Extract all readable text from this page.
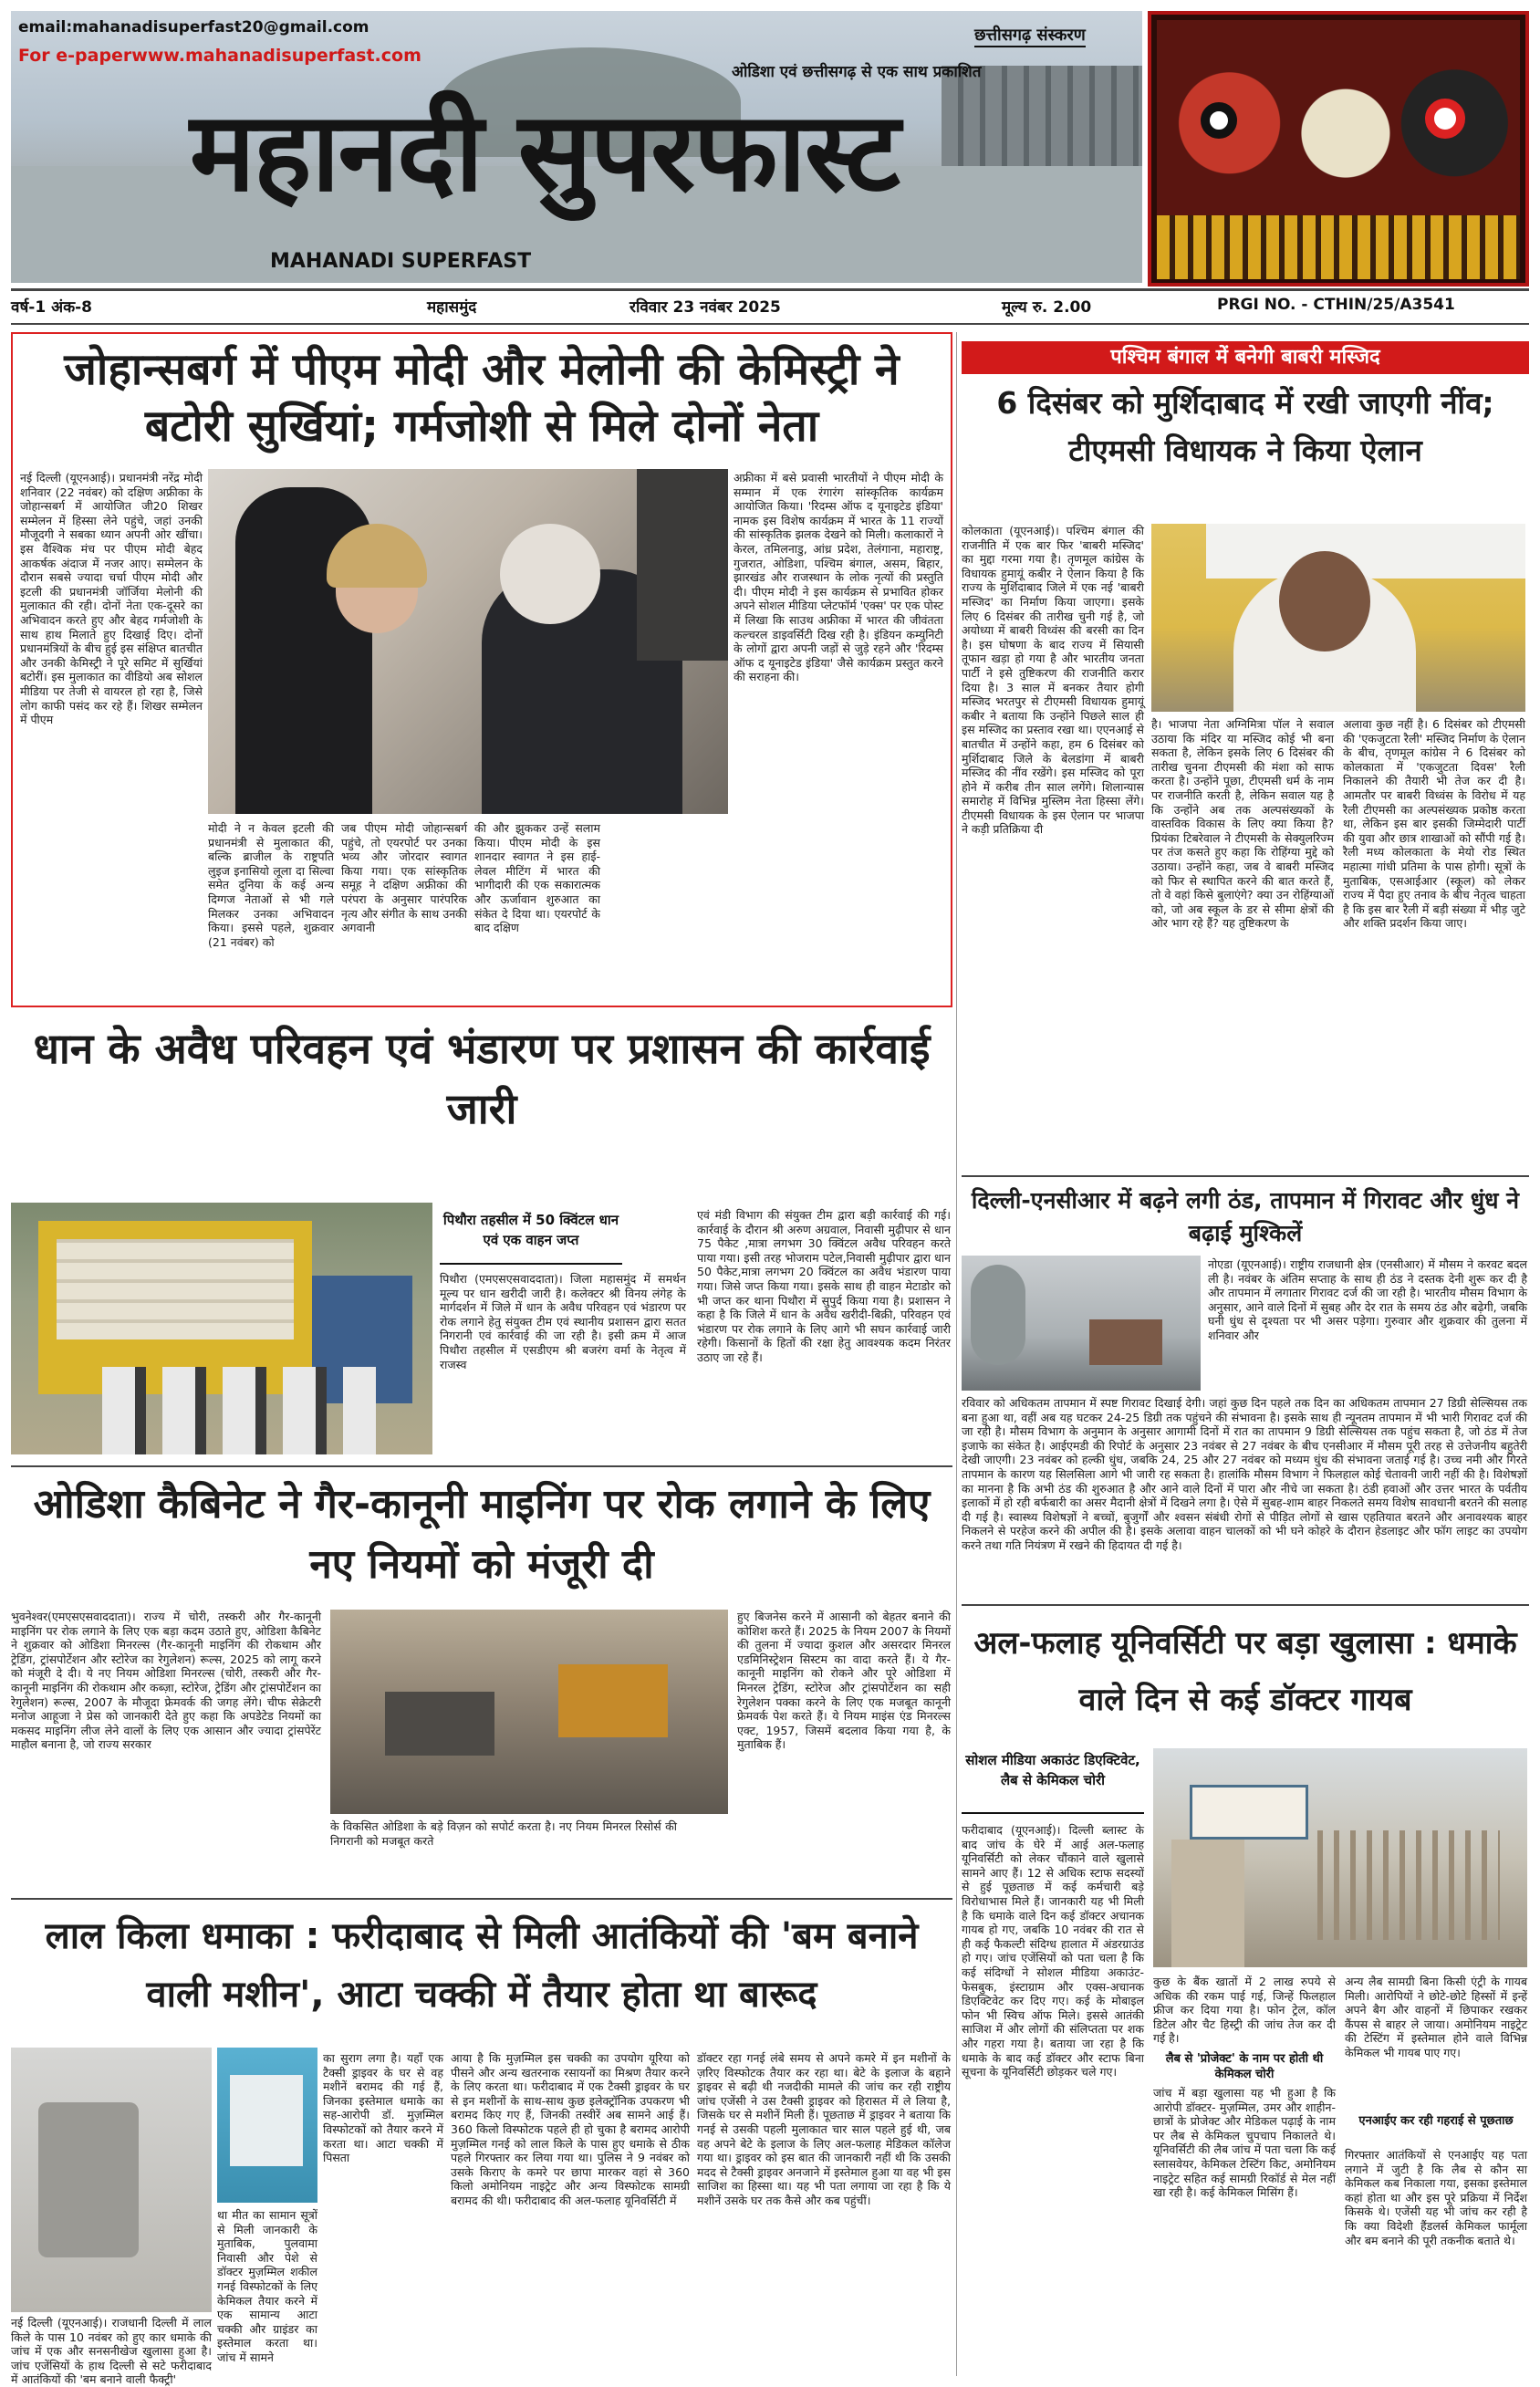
email:mahanadisuperfast20@gmail.com
For e-paperwww.mahanadisuperfast.com
छत्तीसगढ़ संस्करण
ओडिशा एवं छत्तीसगढ़ से एक साथ प्रकाशित
महानदी सुपरफास्ट
MAHANADI SUPERFAST
वर्ष-1 अंक-8	महासमुंद	रविवार 23 नवंबर 2025	मूल्य रु. 2.00	PRGI NO. - CTHIN/25/A3541
जोहान्सबर्ग में पीएम मोदी और मेलोनी की केमिस्ट्री ने बटोरी सुर्खियां; गर्मजोशी से मिले दोनों नेता
नई दिल्ली (यूएनआई)। प्रधानमंत्री नरेंद्र मोदी शनिवार (22 नवंबर) को दक्षिण अफ्रीका के जोहान्सबर्ग में आयोजित जी20 शिखर सम्मेलन में हिस्सा लेने पहुंचे, जहां उनकी मौजूदगी ने सबका ध्यान अपनी ओर खींचा। इस वैश्विक मंच पर पीएम मोदी बेहद आकर्षक अंदाज में नजर आए। सम्मेलन के दौरान सबसे ज्यादा चर्चा पीएम मोदी और इटली की प्रधानमंत्री जॉर्जिया मेलोनी की मुलाकात की रही। दोनों नेता एक-दूसरे का अभिवादन करते हुए और बेहद गर्मजोशी के साथ हाथ मिलाते हुए दिखाई दिए। दोनों प्रधानमंत्रियों के बीच हुई इस संक्षिप्त बातचीत और उनकी केमिस्ट्री ने पूरे समिट में सुर्खियां बटोरीं। इस मुलाकात का वीडियो अब सोशल मीडिया पर तेजी से वायरल हो रहा है, जिसे लोग काफी पसंद कर रहे हैं। शिखर सम्मेलन में पीएम
मोदी ने न केवल इटली की प्रधानमंत्री से मुलाकात की, बल्कि ब्राजील के राष्ट्रपति लुइज इनासियो लूला दा सिल्वा समेत दुनिया के कई अन्य दिग्गज नेताओं से भी गले मिलकर उनका अभिवादन किया। इससे पहले, शुक्रवार (21 नवंबर) को
जब पीएम मोदी जोहान्सबर्ग पहुंचे, तो एयरपोर्ट पर उनका भव्य और जोरदार स्वागत किया गया। एक सांस्कृतिक समूह ने दक्षिण अफ्रीका की परंपरा के अनुसार पारंपरिक नृत्य और संगीत के साथ उनकी अगवानी
की और झुककर उन्हें सलाम किया। पीएम मोदी के इस शानदार स्वागत ने इस हाई-लेवल मीटिंग में भारत की भागीदारी की एक सकारात्मक और ऊर्जावान शुरुआत का संकेत दे दिया था। एयरपोर्ट के बाद दक्षिण
अफ्रीका में बसे प्रवासी भारतीयों ने पीएम मोदी के सम्मान में एक रंगारंग सांस्कृतिक कार्यक्रम आयोजित किया। 'रिदम्स ऑफ द यूनाइटेड इंडिया' नामक इस विशेष कार्यक्रम में भारत के 11 राज्यों की सांस्कृतिक झलक देखने को मिली। कलाकारों ने केरल, तमिलनाडु, आंध्र प्रदेश, तेलंगाना, महाराष्ट्र, गुजरात, ओडिशा, पश्चिम बंगाल, असम, बिहार, झारखंड और राजस्थान के लोक नृत्यों की प्रस्तुति दी। पीएम मोदी ने इस कार्यक्रम से प्रभावित होकर अपने सोशल मीडिया प्लेटफॉर्म 'एक्स' पर एक पोस्ट में लिखा कि साउथ अफ्रीका में भारत की जीवंतता कल्चरल डाइवर्सिटी दिख रही है। इंडियन कम्युनिटी के लोगों द्वारा अपनी जड़ों से जुड़े रहने और 'रिदम्स ऑफ द यूनाइटेड इंडिया' जैसे कार्यक्रम प्रस्तुत करने की सराहना की।
पश्चिम बंगाल में बनेगी बाबरी मस्जिद
6 दिसंबर को मुर्शिदाबाद में रखी जाएगी नींव; टीएमसी विधायक ने किया ऐलान
कोलकाता (यूएनआई)। पश्चिम बंगाल की राजनीति में एक बार फिर 'बाबरी मस्जिद' का मुद्दा गरमा गया है। तृणमूल कांग्रेस के विधायक हुमायूं कबीर ने ऐलान किया है कि राज्य के मुर्शिदाबाद जिले में एक नई 'बाबरी मस्जिद' का निर्माण किया जाएगा। इसके लिए 6 दिसंबर की तारीख चुनी गई है, जो अयोध्या में बाबरी विध्वंस की बरसी का दिन है। इस घोषणा के बाद राज्य में सियासी तूफान खड़ा हो गया है और भारतीय जनता पार्टी ने इसे तुष्टिकरण की राजनीति करार दिया है। 3 साल में बनकर तैयार होगी मस्जिद भरतपुर से टीएमसी विधायक हुमायूं कबीर ने बताया कि उन्होंने पिछले साल ही इस मस्जिद का प्रस्ताव रखा था। एएनआई से बातचीत में उन्होंने कहा, हम 6 दिसंबर को मुर्शिदाबाद जिले के बेलडांगा में बाबरी मस्जिद की नींव रखेंगे। इस मस्जिद को पूरा होने में करीब तीन साल लगेंगे। शिलान्यास समारोह में विभिन्न मुस्लिम नेता हिस्सा लेंगे। टीएमसी विधायक के इस ऐलान पर भाजपा ने कड़ी प्रतिक्रिया दी
है। भाजपा नेता अग्निमित्रा पॉल ने सवाल उठाया कि मंदिर या मस्जिद कोई भी बना सकता है, लेकिन इसके लिए 6 दिसंबर की तारीख चुनना टीएमसी की मंशा को साफ करता है। उन्होंने पूछा, टीएमसी धर्म के नाम पर राजनीति करती है, लेकिन सवाल यह है कि उन्होंने अब तक अल्पसंख्यकों के वास्तविक विकास के लिए क्या किया है? प्रियंका टिबरेवाल ने टीएमसी के सेक्युलरिज्म पर तंज कसते हुए कहा कि रोहिंग्या मुद्दे को उठाया। उन्होंने कहा, जब वे बाबरी मस्जिद को फिर से स्थापित करने की बात करते हैं, तो वे वहां किसे बुलाएंगे? क्या उन रोहिंग्याओं को, जो अब स्कूल के डर से सीमा क्षेत्रों की ओर भाग रहे हैं? यह तुष्टिकरण के
अलावा कुछ नहीं है। 6 दिसंबर को टीएमसी की 'एकजुटता रैली' मस्जिद निर्माण के ऐलान के बीच, तृणमूल कांग्रेस ने 6 दिसंबर को कोलकाता में 'एकजुटता दिवस' रैली निकालने की तैयारी भी तेज कर दी है। आमतौर पर बाबरी विध्वंस के विरोध में यह रैली टीएमसी का अल्पसंख्यक प्रकोष्ठ करता था, लेकिन इस बार इसकी जिम्मेदारी पार्टी की युवा और छात्र शाखाओं को सौंपी गई है। रैली मध्य कोलकाता के मेयो रोड स्थित महात्मा गांधी प्रतिमा के पास होगी। सूत्रों के मुताबिक, एसआईआर (स्कूल) को लेकर राज्य में पैदा हुए तनाव के बीच नेतृत्व चाहता है कि इस बार रैली में बड़ी संख्या में भीड़ जुटे और शक्ति प्रदर्शन किया जाए।
धान के अवैध परिवहन एवं भंडारण पर प्रशासन की कार्रवाई जारी
पिथौरा तहसील में 50 क्विंटल धान एवं एक वाहन जप्त
पिथौरा (एमएसएसवाददाता)। जिला महासमुंद में समर्थन मूल्य पर धान खरीदी जारी है। कलेक्टर श्री विनय लंगेह के मार्गदर्शन में जिले में धान के अवैध परिवहन एवं भंडारण पर रोक लगाने हेतु संयुक्त टीम एवं स्थानीय प्रशासन द्वारा सतत निगरानी एवं कार्रवाई की जा रही है। इसी क्रम में आज पिथौरा तहसील में एसडीएम श्री बजरंग वर्मा के नेतृत्व में राजस्व
एवं मंडी विभाग की संयुक्त टीम द्वारा बड़ी कार्रवाई की गई। कार्रवाई के दौरान श्री अरुण अग्रवाल, निवासी मुढ़ीपार से धान 75 पैकेट ,मात्रा लगभग 30 क्विंटल अवैध परिवहन करते पाया गया। इसी तरह भोजराम पटेल,निवासी मुढ़ीपार द्वारा धान 50 पैकेट,मात्रा लगभग 20 क्विंटल का अवैध भंडारण पाया गया। जिसे जप्त किया गया। इसके साथ ही वाहन मेटाडोर को भी जप्त कर थाना पिथौरा में सुपुर्द किया गया है। प्रशासन ने कहा है कि जिले में धान के अवैध खरीदी-बिक्री, परिवहन एवं भंडारण पर रोक लगाने के लिए आगे भी सघन कार्रवाई जारी रहेगी। किसानों के हितों की रक्षा हेतु आवश्यक कदम निरंतर उठाए जा रहे हैं।
दिल्ली-एनसीआर में बढ़ने लगी ठंड, तापमान में गिरावट और धुंध ने बढ़ाई मुश्किलें
नोएडा (यूएनआई)। राष्ट्रीय राजधानी क्षेत्र (एनसीआर) में मौसम ने करवट बदल ली है। नवंबर के अंतिम सप्ताह के साथ ही ठंड ने दस्तक देनी शुरू कर दी है और तापमान में लगातार गिरावट दर्ज की जा रही है। भारतीय मौसम विभाग के अनुसार, आने वाले दिनों में सुबह और देर रात के समय ठंड और बढ़ेगी, जबकि घनी धुंध से दृश्यता पर भी असर पड़ेगा। गुरुवार और शुक्रवार की तुलना में शनिवार और
रविवार को अधिकतम तापमान में स्पष्ट गिरावट दिखाई देगी। जहां कुछ दिन पहले तक दिन का अधिकतम तापमान 27 डिग्री सेल्सियस तक बना हुआ था, वहीं अब यह घटकर 24-25 डिग्री तक पहुंचने की संभावना है। इसके साथ ही न्यूनतम तापमान में भी भारी गिरावट दर्ज की जा रही है। मौसम विभाग के अनुमान के अनुसार आगामी दिनों में रात का तापमान 9 डिग्री सेल्सियस तक पहुंच सकता है, जो ठंड में तेज इजाफे का संकेत है। आईएमडी की रिपोर्ट के अनुसार 23 नवंबर से 27 नवंबर के बीच एनसीआर में मौसम पूरी तरह से उत्तेजनीय बहुतेरी देखी जाएगी। 23 नवंबर को हल्की धुंध, जबकि 24, 25 और 27 नवंबर को मध्यम धुंध की संभावना जताई गई है। उच्च नमी और गिरते तापमान के कारण यह सिलसिला आगे भी जारी रह सकता है। हालांकि मौसम विभाग ने फिलहाल कोई चेतावनी जारी नहीं की है। विशेषज्ञों का मानना है कि अभी ठंड की शुरुआत है और आने वाले दिनों में पारा और नीचे जा सकता है। ठंडी हवाओं और उत्तर भारत के पर्वतीय इलाकों में हो रही बर्फबारी का असर मैदानी क्षेत्रों में दिखने लगा है। ऐसे में सुबह-शाम बाहर निकलते समय विशेष सावधानी बरतने की सलाह दी गई है। स्वास्थ्य विशेषज्ञों ने बच्चों, बुजुर्गों और श्वसन संबंधी रोगों से पीड़ित लोगों से खास एहतियात बरतने और अनावश्यक बाहर निकलने से परहेज करने की अपील की है। इसके अलावा वाहन चालकों को भी घने कोहरे के दौरान हेडलाइट और फॉग लाइट का उपयोग करने तथा गति नियंत्रण में रखने की हिदायत दी गई है।
ओडिशा कैबिनेट ने गैर-कानूनी माइनिंग पर रोक लगाने के लिए नए नियमों को मंजूरी दी
भुवनेश्वर(एमएसएसवाददाता)। राज्य में चोरी, तस्करी और गैर-कानूनी माइनिंग पर रोक लगाने के लिए एक बड़ा कदम उठाते हुए, ओडिशा कैबिनेट ने शुक्रवार को ओडिशा मिनरल्स (गैर-कानूनी माइनिंग की रोकथाम और ट्रेडिंग, ट्रांसपोर्टेशन और स्टोरेज का रेगुलेशन) रूल्स, 2025 को लागू करने को मंजूरी दे दी। ये नए नियम ओडिशा मिनरल्स (चोरी, तस्करी और गैर-कानूनी माइनिंग की रोकथाम और कब्ज़ा, स्टोरेज, ट्रेडिंग और ट्रांसपोर्टेशन का रेगुलेशन) रूल्स, 2007 के मौजूदा फ्रेमवर्क की जगह लेंगे। चीफ सेक्रेटरी मनोज आहूजा ने प्रेस को जानकारी देते हुए कहा कि अपडेटेड नियमों का मकसद माइनिंग लीज लेने वालों के लिए एक आसान और ज्यादा ट्रांसपेरेंट माहौल बनाना है, जो राज्य सरकार
के विकसित ओडिशा के बड़े विज़न को सपोर्ट करता है। नए नियम मिनरल रिसोर्स की निगरानी को मजबूत करते
हुए बिजनेस करने में आसानी को बेहतर बनाने की कोशिश करते हैं। 2025 के नियम 2007 के नियमों की तुलना में ज्यादा कुशल और असरदार मिनरल एडमिनिस्ट्रेशन सिस्टम का वादा करते हैं। ये गैर-कानूनी माइनिंग को रोकने और पूरे ओडिशा में मिनरल ट्रेडिंग, स्टोरेज और ट्रांसपोर्टेशन का सही रेगुलेशन पक्का करने के लिए एक मजबूत कानूनी फ्रेमवर्क पेश करते हैं। ये नियम माइंस एंड मिनरल्स एक्ट, 1957, जिसमें बदलाव किया गया है, के मुताबिक हैं।
अल-फलाह यूनिवर्सिटी पर बड़ा खुलासा : धमाके वाले दिन से कई डॉक्टर गायब
सोशल मीडिया अकाउंट डिएक्टिवेट, लैब से केमिकल चोरी
फरीदाबाद (यूएनआई)। दिल्ली ब्लास्ट के बाद जांच के घेरे में आई अल-फलाह यूनिवर्सिटी को लेकर चौंकाने वाले खुलासे सामने आए हैं। 12 से अधिक स्टाफ सदस्यों से हुई पूछताछ में कई कर्मचारी बड़े विरोधाभास मिले हैं। जानकारी यह भी मिली है कि धमाके वाले दिन कई डॉक्टर अचानक गायब हो गए, जबकि 10 नवंबर की रात से ही कई फैकल्टी संदिग्ध हालात में अंडरग्राउंड हो गए। जांच एजेंसियों को पता चला है कि कई संदिग्धों ने सोशल मीडिया अकाउंट-फेसबुक, इंस्टाग्राम और एक्स-अचानक डिएक्टिवेट कर दिए गए। कई के मोबाइल फोन भी स्विच ऑफ मिले। इससे आतंकी साजिश में और लोगों की संलिप्तता पर शक और गहरा गया है। बताया जा रहा है कि धमाके के बाद कई डॉक्टर और स्टाफ बिना सूचना के यूनिवर्सिटी छोड़कर चले गए।
कुछ के बैंक खातों में 2 लाख रुपये से अधिक की रकम पाई गई, जिन्हें फिलहाल फ्रीज कर दिया गया है। फोन ट्रेल, कॉल डिटेल और चैट हिस्ट्री की जांच तेज कर दी गई है।
लैब से 'प्रोजेक्ट' के नाम पर होती थी केमिकल चोरी
जांच में बड़ा खुलासा यह भी हुआ है कि आरोपी डॉक्टर- मुज़म्मिल, उमर और शाहीन- छात्रों के प्रोजेक्ट और मेडिकल पढ़ाई के नाम पर लैब से केमिकल चुपचाप निकालते थे। यूनिवर्सिटी की लैब जांच में पता चला कि कई स्लासवेयर, केमिकल टेस्टिंग किट, अमोनियम नाइट्रेट सहित कई सामग्री रिकॉर्ड से मेल नहीं खा रही है। कई केमिकल मिसिंग हैं।
अन्य लैब सामग्री बिना किसी एंट्री के गायब मिली। आरोपियों ने छोटे-छोटे हिस्सों में इन्हें अपने बैग और वाहनों में छिपाकर रखकर कैंपस से बाहर ले जाया। अमोनियम नाइट्रेट की टेस्टिंग में इस्तेमाल होने वाले विभिन्न केमिकल भी गायब पाए गए।
एनआईए कर रही गहराई से पूछताछ
गिरफ्तार आतंकियों से एनआईए यह पता लगाने में जुटी है कि लैब से कौन सा केमिकल कब निकाला गया, इसका इस्तेमाल कहां होता था और इस पूरे प्रक्रिया में निर्देश किसके थे। एजेंसी यह भी जांच कर रही है कि क्या विदेशी हैंडलर्स केमिकल फार्मूला और बम बनाने की पूरी तकनीक बताते थे।
लाल किला धमाका : फरीदाबाद से मिली आतंकियों की 'बम बनाने वाली मशीन', आटा चक्की में तैयार होता था बारूद
का सुराग लगा है। यहाँ एक टैक्सी ड्राइवर के घर से वह मशीनें बरामद की गई हैं, जिनका इस्तेमाल धमाके का सह-आरोपी डॉ. मुज़म्मिल विस्फोटकों को तैयार करने में करता था। आटा चक्की में पिसता
नई दिल्ली (यूएनआई)। राजधानी दिल्ली में लाल किले के पास 10 नवंबर को हुए कार धमाके की जांच में एक और सनसनीखेज खुलासा हुआ है। जांच एजेंसियों के हाथ दिल्ली से सटे फरीदाबाद में आतंकियों की 'बम बनाने वाली फैक्ट्री'
था मीत का सामान सूत्रों से मिली जानकारी के मुताबिक, पुलवामा निवासी और पेशे से डॉक्टर मुज़म्मिल शकील गनई विस्फोटकों के लिए केमिकल तैयार करने में एक सामान्य आटा चक्की और ग्राइंडर का इस्तेमाल करता था। जांच में सामने
आया है कि मुज़म्मिल इस चक्की का उपयोग यूरिया को पीसने और अन्य खतरनाक रसायनों का मिश्रण तैयार करने के लिए करता था। फरीदाबाद में एक टैक्सी ड्राइवर के घर से इन मशीनों के साथ-साथ कुछ इलेक्ट्रॉनिक उपकरण भी बरामद किए गए हैं, जिनकी तस्वीरें अब सामने आई हैं। 360 किलो विस्फोटक पहले ही हो चुका है बरामद आरोपी मुज़म्मिल गनई को लाल किले के पास हुए धमाके से ठीक पहले गिरफ्तार कर लिया गया था। पुलिस ने 9 नवंबर को उसके किराए के कमरे पर छापा मारकर वहां से 360 किलो अमोनियम नाइट्रेट और अन्य विस्फोटक सामग्री बरामद की थी। फरीदाबाद की अल-फलाह यूनिवर्सिटी में
डॉक्टर रहा गनई लंबे समय से अपने कमरे में इन मशीनों के ज़रिए विस्फोटक तैयार कर रहा था। बेटे के इलाज के बहाने ड्राइवर से बढ़ी थी नजदीकी मामले की जांच कर रही राष्ट्रीय जांच एजेंसी ने उस टैक्सी ड्राइवर को हिरासत में ले लिया है, जिसके घर से मशीनें मिली हैं। पूछताछ में ड्राइवर ने बताया कि गनई से उसकी पहली मुलाकात चार साल पहले हुई थी, जब वह अपने बेटे के इलाज के लिए अल-फलाह मेडिकल कॉलेज गया था। ड्राइवर को इस बात की जानकारी नहीं थी कि उसकी मदद से टैक्सी ड्राइवर अनजाने में इस्तेमाल हुआ या वह भी इस साजिश का हिस्सा था। यह भी पता लगाया जा रहा है कि ये मशीनें उसके घर तक कैसे और कब पहुंचीं।
